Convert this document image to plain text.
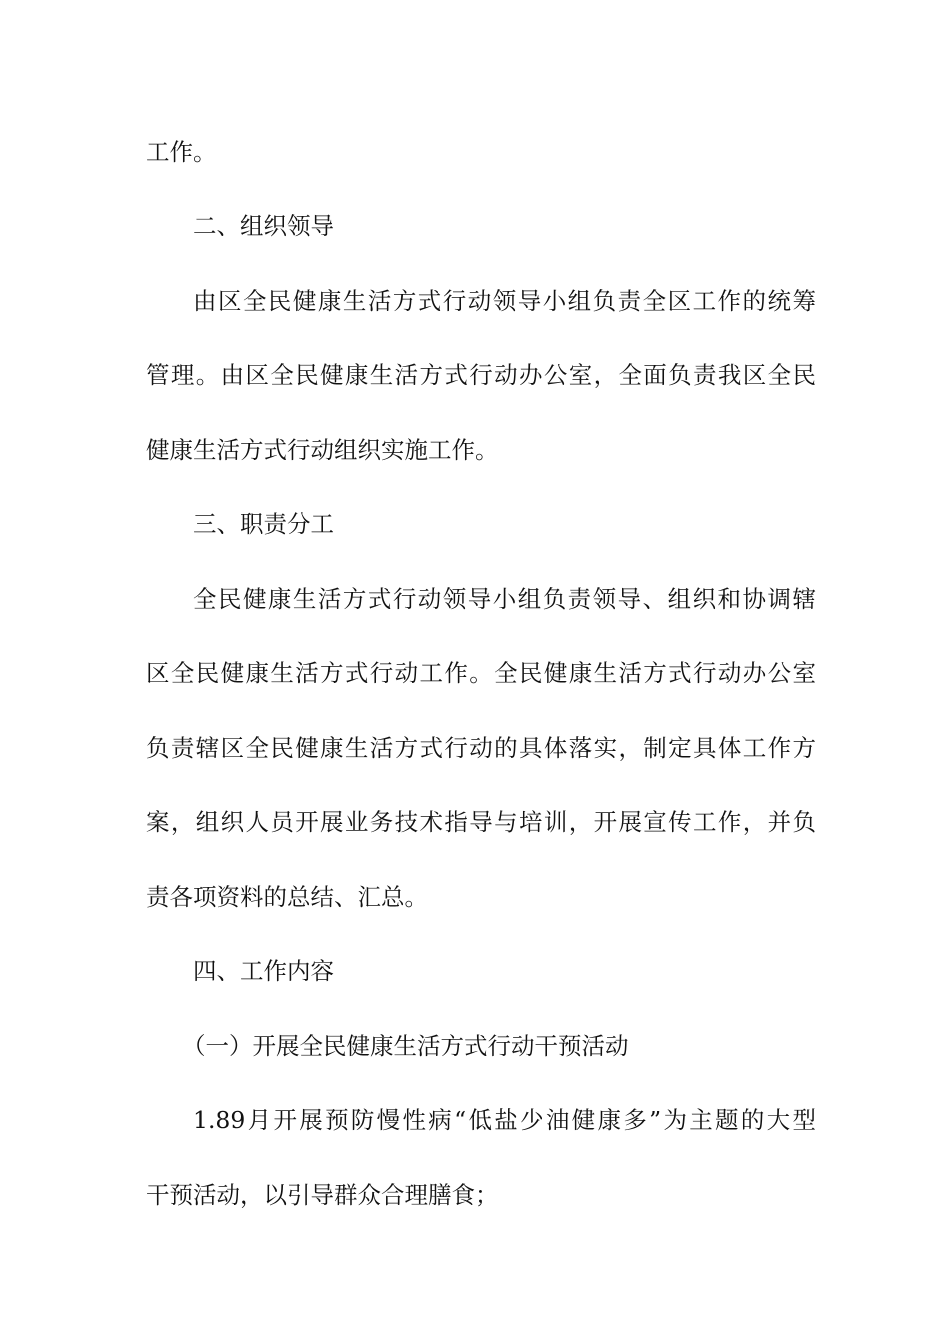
工作。
二、组织领导
由区全民健康生活方式行动领导小组负责全区工作的统筹
管理。由区全民健康生活方式行动办公室，全面负责我区全民
健康生活方式行动组织实施工作。
三、职责分工
全民健康生活方式行动领导小组负责领导、组织和协调辖
区全民健康生活方式行动工作。全民健康生活方式行动办公室
负责辖区全民健康生活方式行动的具体落实，制定具体工作方
案，组织人员开展业务技术指导与培训，开展宣传工作，并负
责各项资料的总结、汇总。
四、工作内容
（一）开展全民健康生活方式行动干预活动
1.89月开展预防慢性病“低盐少油健康多”为主题的大型
干预活动，以引导群众合理膳食；
